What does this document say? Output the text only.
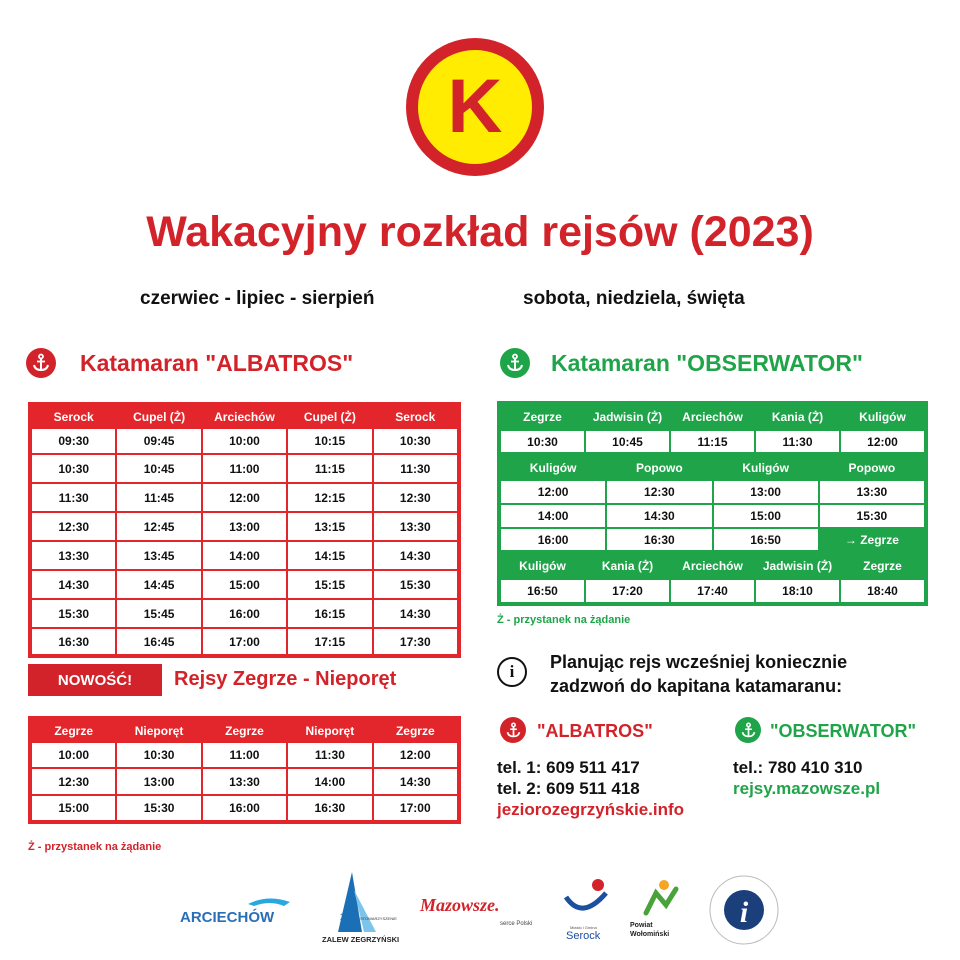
K
Wakacyjny rozkład rejsów (2023)
czerwiec - lipiec - sierpień	sobota, niedziela, święta
Katamaran "ALBATROS"
Serock	Cupel (Ż)	Arciechów	Cupel (Ż)	Serock
09:30	09:45	10:00	10:15	10:30
10:30	10:45	11:00	11:15	11:30
11:30	11:45	12:00	12:15	12:30
12:30	12:45	13:00	13:15	13:30
13:30	13:45	14:00	14:15	14:30
14:30	14:45	15:00	15:15	15:30
15:30	15:45	16:00	16:15	14:30
16:30	16:45	17:00	17:15	17:30
NOWOŚĆ!	Rejsy Zegrze - Nieporęt
Zegrze	Nieporęt	Zegrze	Nieporęt	Zegrze
10:00	10:30	11:00	11:30	12:00
12:30	13:00	13:30	14:00	14:30
15:00	15:30	16:00	16:30	17:00
Ż - przystanek na żądanie
Katamaran "OBSERWATOR"
Zegrze	Jadwisin (Ż)	Arciechów	Kania (Ż)	Kuligów
10:30	10:45	11:15	11:30	12:00
Kuligów	Popowo	Kuligów	Popowo
12:00	12:30	13:00	13:30
14:00	14:30	15:00	15:30
16:00	16:30	16:50	→ Zegrze
Kuligów	Kania (Ż)	Arciechów	Jadwisin (Ż)	Zegrze
16:50	17:20	17:40	18:10	18:40
Ż - przystanek na żądanie
i	Planując rejs wcześniej koniecznie
zadzwoń do kapitana katamaranu:
"ALBATROS"
tel. 1: 609 511 417
tel. 2: 609 511 418
jeziorozegrzyńskie.info
"OBSERWATOR"
tel.: 780 410 310
rejsy.mazowsze.pl
ARCIECHÓW	25 STOWARZYSZENIE
ZALEW ZEGRZYŃSKI
Mazowsze.
serce Polski
Miasto i Gmina
Serock
Powiat
Wołomiński
i
